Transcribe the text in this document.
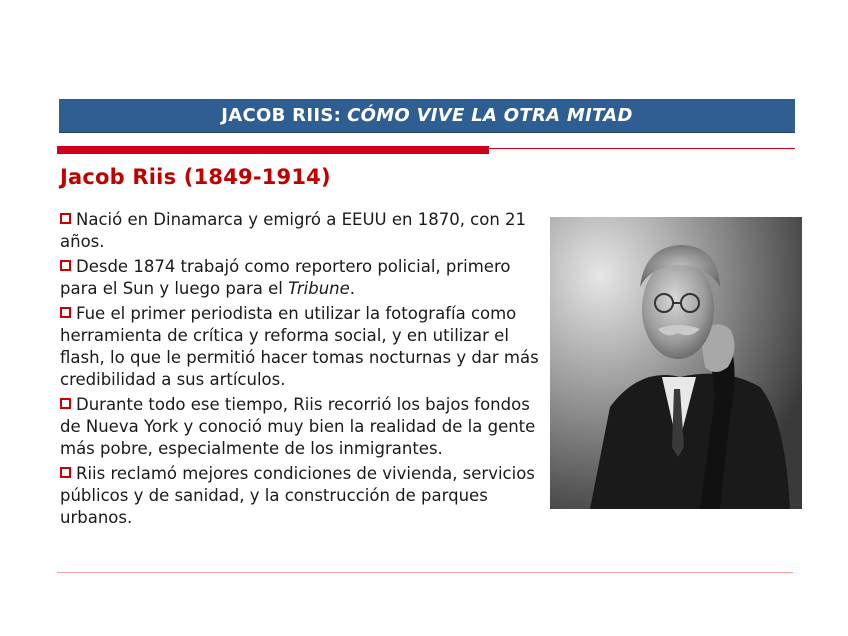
JACOB RIIS: CÓMO VIVE LA OTRA MITAD
Jacob Riis (1849-1914)
Nació en Dinamarca y emigró a EEUU en 1870, con 21 años.
Desde 1874 trabajó como reportero policial, primero para el Sun y luego para el Tribune.
Fue el primer periodista en utilizar la fotografía como herramienta de crítica y reforma social, y en utilizar el flash, lo que le permitió hacer tomas nocturnas y dar más credibilidad a sus artículos.
Durante todo ese tiempo, Riis recorrió los bajos fondos de Nueva York y conoció muy bien la realidad de la gente más pobre, especialmente de los inmigrantes.
Riis reclamó mejores condiciones de vivienda, servicios públicos y de sanidad, y la construcción de parques urbanos.
